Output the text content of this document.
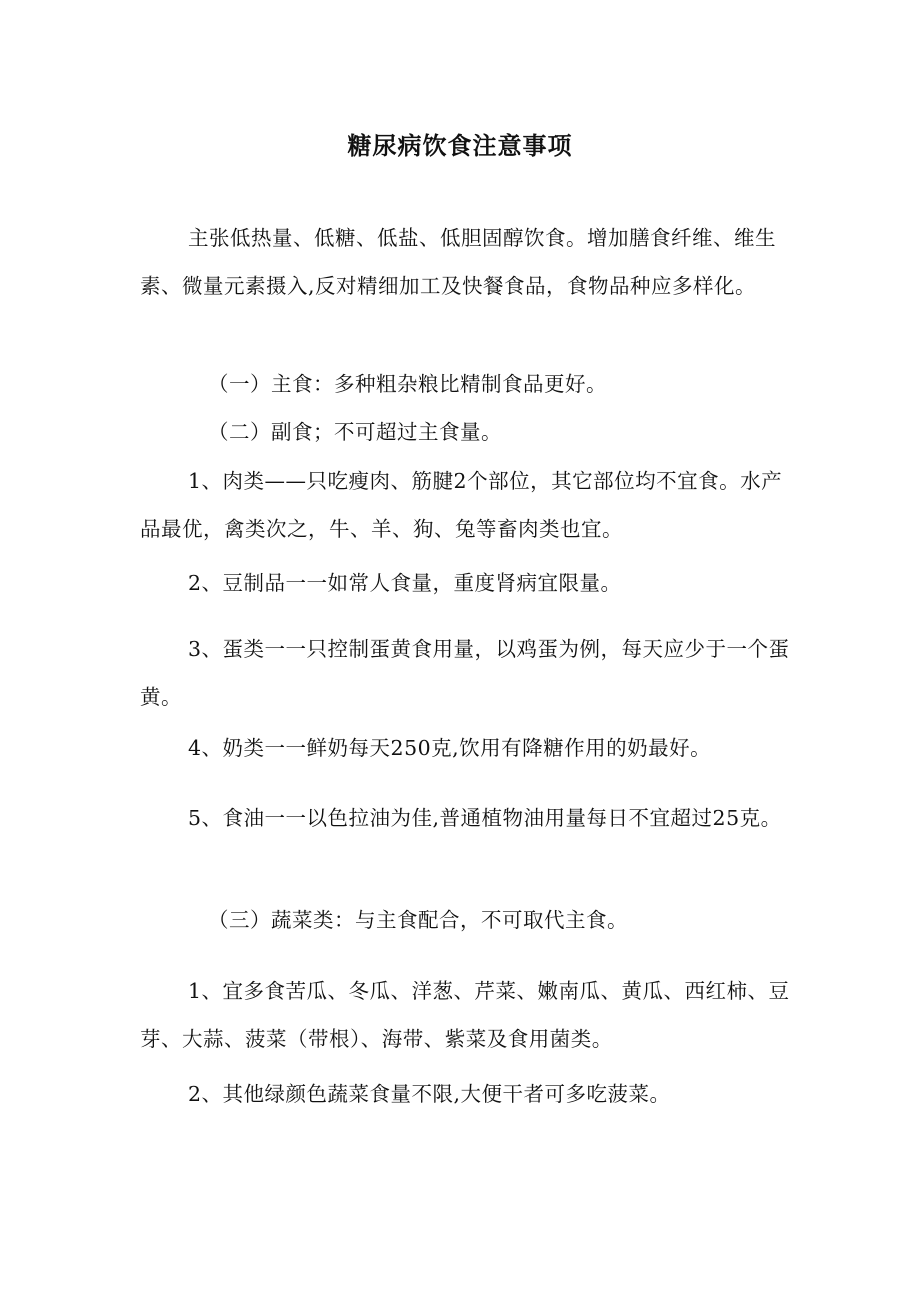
糖尿病饮食注意事项

主张低热量、低糖、低盐、低胆固醇饮食。增加膳食纤维、维生素、微量元素摄入,反对精细加工及快餐食品，食物品种应多样化。

（一）主食：多种粗杂粮比精制食品更好。

（二）副食；不可超过主食量。

1、肉类——只吃瘦肉、筋腱2个部位，其它部位均不宜食。水产品最优，禽类次之，牛、羊、狗、兔等畜肉类也宜。

2、豆制品一一如常人食量，重度肾病宜限量。

3、蛋类一一只控制蛋黄食用量，以鸡蛋为例，每天应少于一个蛋黄。

4、奶类一一鲜奶每天250克,饮用有降糖作用的奶最好。

5、食油一一以色拉油为佳,普通植物油用量每日不宜超过25克。

（三）蔬菜类：与主食配合，不可取代主食。

1、宜多食苦瓜、冬瓜、洋葱、芹菜、嫩南瓜、黄瓜、西红柿、豆芽、大蒜、菠菜（带根）、海带、紫菜及食用菌类。

2、其他绿颜色蔬菜食量不限,大便干者可多吃菠菜。
